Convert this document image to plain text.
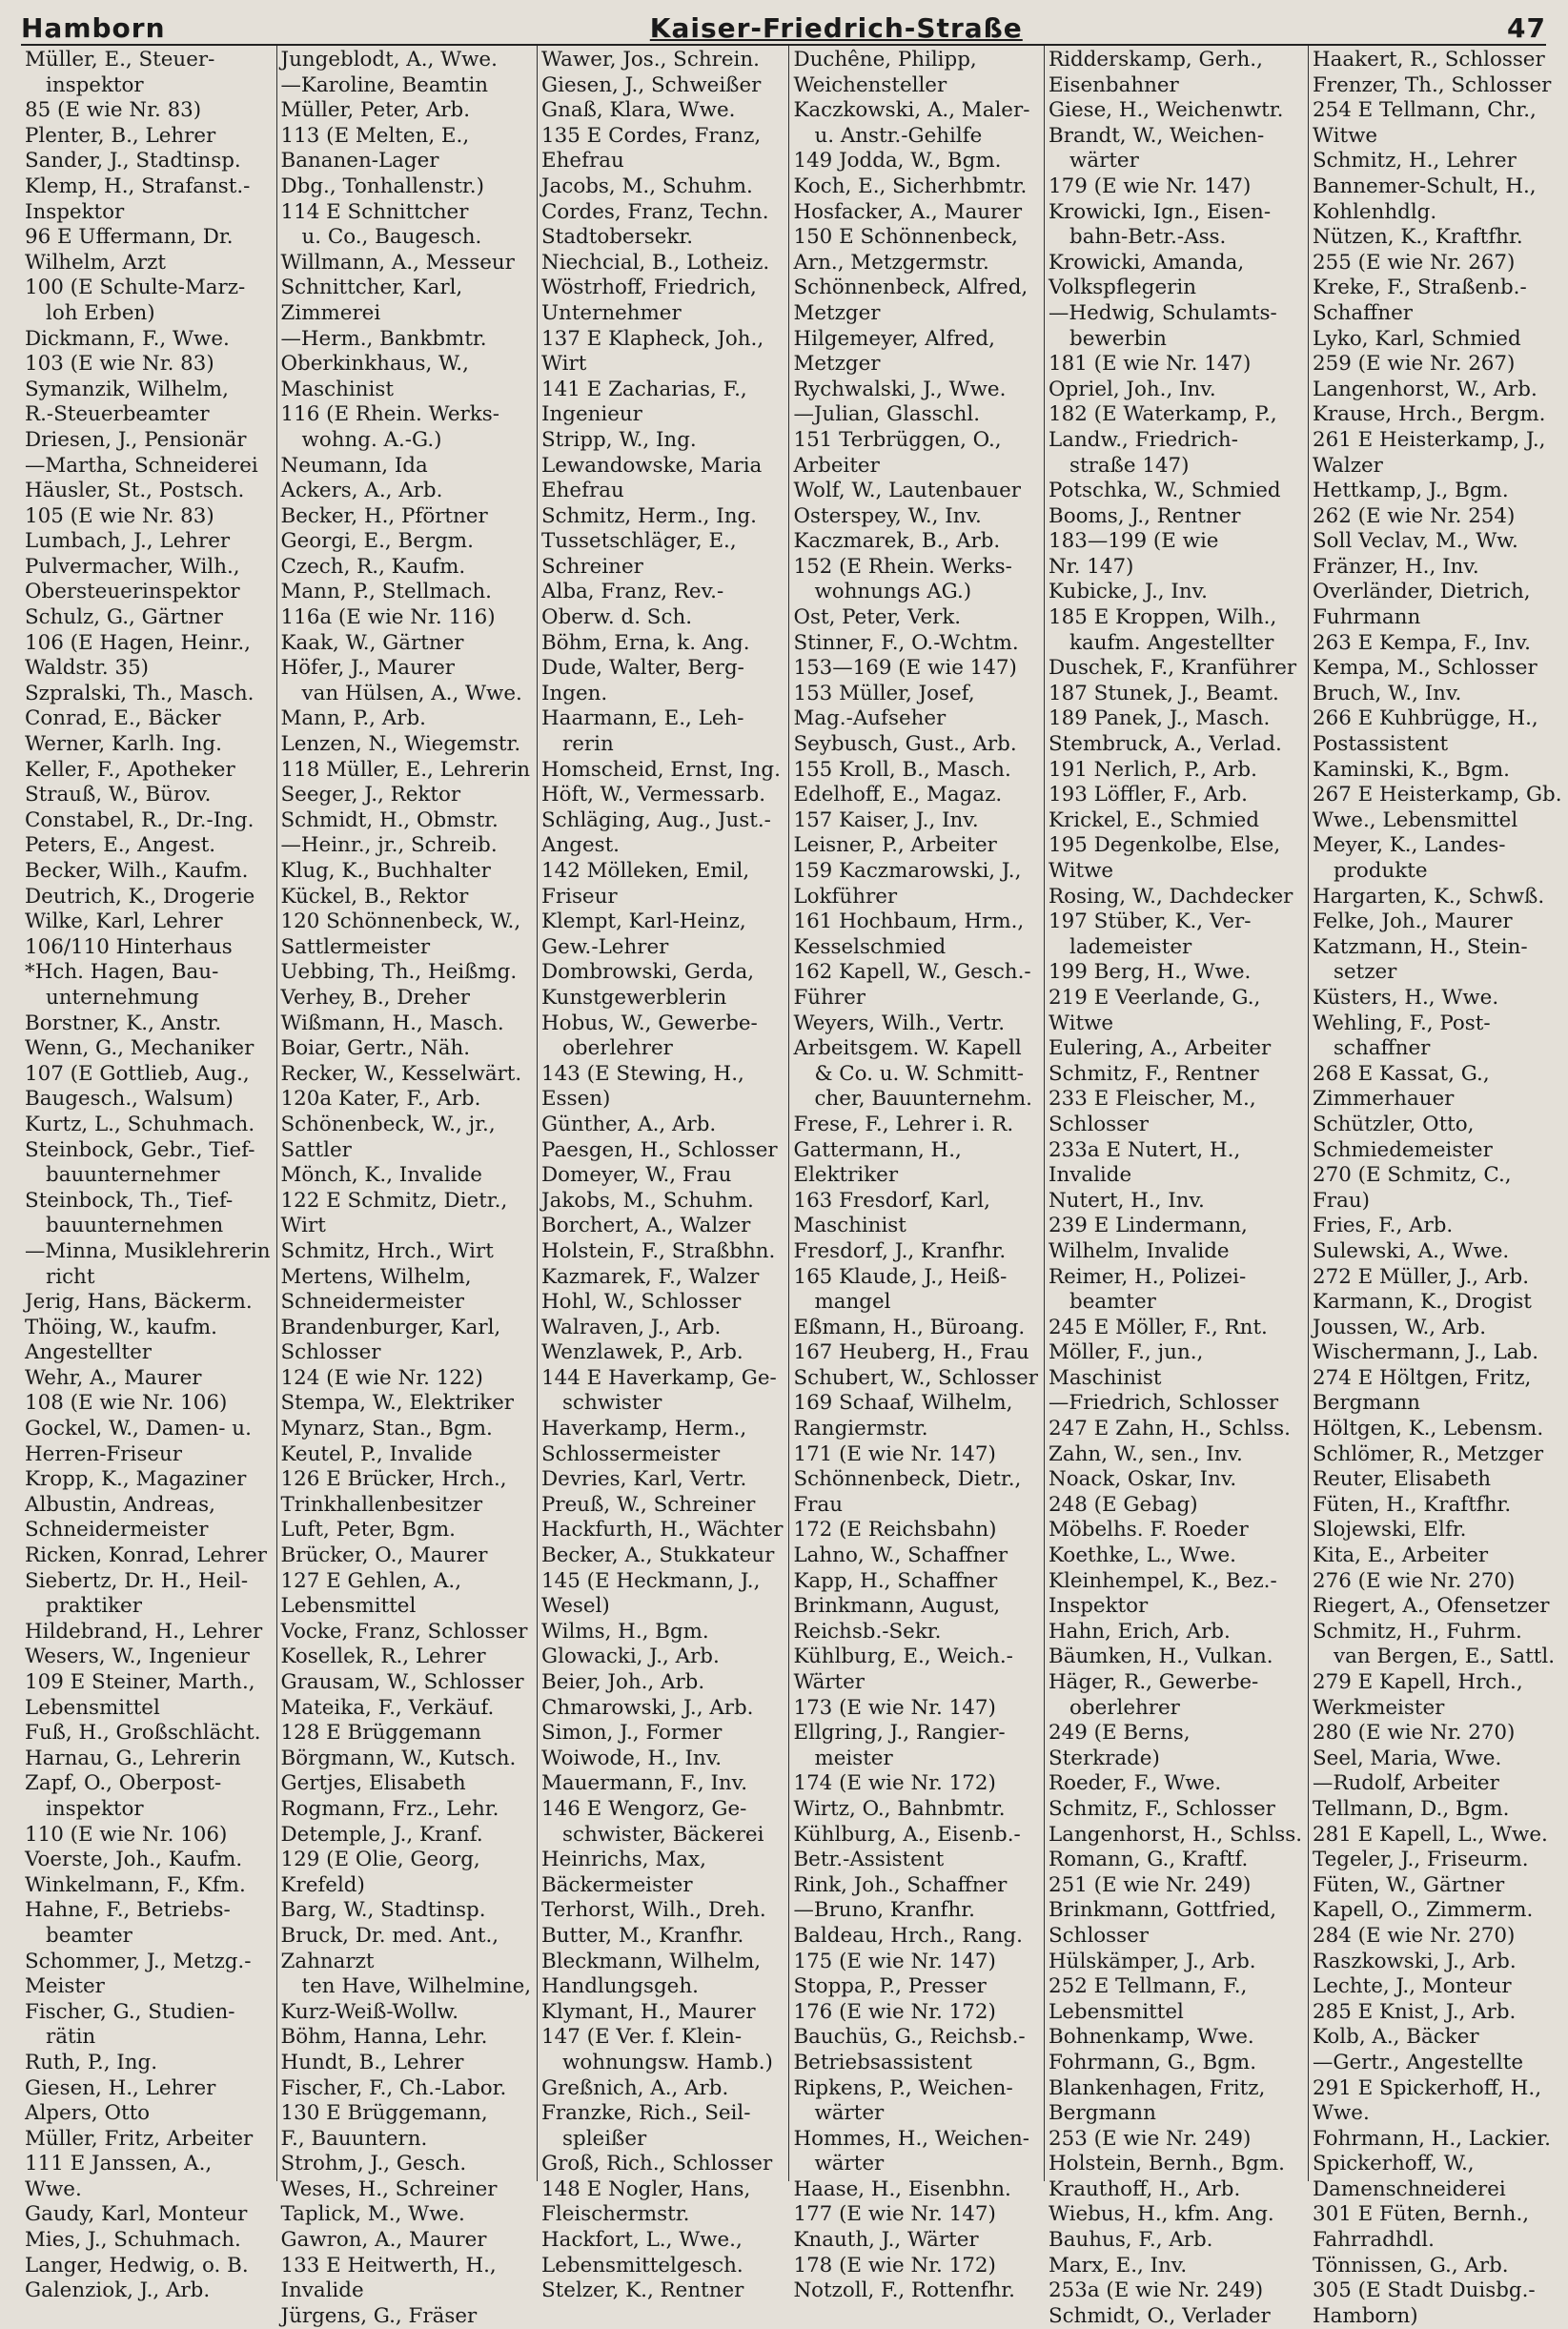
Hamborn	Kaiser-Friedrich-Straße	47
Müller, E., Steuer-
inspektor
85 (E wie Nr. 83)
Plenter, B., Lehrer
Sander, J., Stadtinsp.
Klemp, H., Strafanst.-
Inspektor
96 E Uffermann, Dr.
Wilhelm, Arzt
100 (E Schulte-Marz-
loh Erben)
Dickmann, F., Wwe.
103 (E wie Nr. 83)
Symanzik, Wilhelm,
R.-Steuerbeamter
Driesen, J., Pensionär
—Martha, Schneiderei
Häusler, St., Postsch.
105 (E wie Nr. 83)
Lumbach, J., Lehrer
Pulvermacher, Wilh.,
Obersteuerinspektor
Schulz, G., Gärtner
106 (E Hagen, Heinr.,
Waldstr. 35)
Szpralski, Th., Masch.
Conrad, E., Bäcker
Werner, Karlh. Ing.
Keller, F., Apotheker
Strauß, W., Bürov.
Constabel, R., Dr.-Ing.
Peters, E., Angest.
Becker, Wilh., Kaufm.
Deutrich, K., Drogerie
Wilke, Karl, Lehrer
106/110 Hinterhaus
*Hch. Hagen, Bau-
unternehmung
Borstner, K., Anstr.
Wenn, G., Mechaniker
107 (E Gottlieb, Aug.,
Baugesch., Walsum)
Kurtz, L., Schuhmach.
Steinbock, Gebr., Tief-
bauunternehmer
Steinbock, Th., Tief-
bauunternehmen
—Minna, Musiklehrerin
richt
Jerig, Hans, Bäckerm.
Thöing, W., kaufm.
Angestellter
Wehr, A., Maurer
108 (E wie Nr. 106)
Gockel, W., Damen- u.
Herren-Friseur
Kropp, K., Magaziner
Albustin, Andreas,
Schneidermeister
Ricken, Konrad, Lehrer
Siebertz, Dr. H., Heil-
praktiker
Hildebrand, H., Lehrer
Wesers, W., Ingenieur
109 E Steiner, Marth.,
Lebensmittel
Fuß, H., Großschlächt.
Harnau, G., Lehrerin
Zapf, O., Oberpost-
inspektor
110 (E wie Nr. 106)
Voerste, Joh., Kaufm.
Winkelmann, F., Kfm.
Hahne, F., Betriebs-
beamter
Schommer, J., Metzg.-
Meister
Fischer, G., Studien-
rätin
Ruth, P., Ing.
Giesen, H., Lehrer
Alpers, Otto
Müller, Fritz, Arbeiter
111 E Janssen, A.,
Wwe.
Gaudy, Karl, Monteur
Mies, J., Schuhmach.
Langer, Hedwig, o. B.
Galenziok, J., Arb.
Jungeblodt, A., Wwe.
—Karoline, Beamtin
Müller, Peter, Arb.
113 (E Melten, E.,
Bananen-Lager
Dbg., Tonhallenstr.)
114 E Schnittcher
u. Co., Baugesch.
Willmann, A., Messeur
Schnittcher, Karl,
Zimmerei
—Herm., Bankbmtr.
Oberkinkhaus, W.,
Maschinist
116 (E Rhein. Werks-
wohng. A.-G.)
Neumann, Ida
Ackers, A., Arb.
Becker, H., Pförtner
Georgi, E., Bergm.
Czech, R., Kaufm.
Mann, P., Stellmach.
116a (E wie Nr. 116)
Kaak, W., Gärtner
Höfer, J., Maurer
van Hülsen, A., Wwe.
Mann, P., Arb.
Lenzen, N., Wiegemstr.
118 Müller, E., Lehrerin
Seeger, J., Rektor
Schmidt, H., Obmstr.
—Heinr., jr., Schreib.
Klug, K., Buchhalter
Kückel, B., Rektor
120 Schönnenbeck, W.,
Sattlermeister
Uebbing, Th., Heißmg.
Verhey, B., Dreher
Wißmann, H., Masch.
Boiar, Gertr., Näh.
Recker, W., Kesselwärt.
120a Kater, F., Arb.
Schönenbeck, W., jr.,
Sattler
Mönch, K., Invalide
122 E Schmitz, Dietr.,
Wirt
Schmitz, Hrch., Wirt
Mertens, Wilhelm,
Schneidermeister
Brandenburger, Karl,
Schlosser
124 (E wie Nr. 122)
Stempa, W., Elektriker
Mynarz, Stan., Bgm.
Keutel, P., Invalide
126 E Brücker, Hrch.,
Trinkhallenbesitzer
Luft, Peter, Bgm.
Brücker, O., Maurer
127 E Gehlen, A.,
Lebensmittel
Vocke, Franz, Schlosser
Kosellek, R., Lehrer
Grausam, W., Schlosser
Mateika, F., Verkäuf.
128 E Brüggemann
Börgmann, W., Kutsch.
Gertjes, Elisabeth
Rogmann, Frz., Lehr.
Detemple, J., Kranf.
129 (E Olie, Georg,
Krefeld)
Barg, W., Stadtinsp.
Bruck, Dr. med. Ant.,
Zahnarzt
ten Have, Wilhelmine,
Kurz-Weiß-Wollw.
Böhm, Hanna, Lehr.
Hundt, B., Lehrer
Fischer, F., Ch.-Labor.
130 E Brüggemann,
F., Bauuntern.
Strohm, J., Gesch.
Weses, H., Schreiner
Taplick, M., Wwe.
Gawron, A., Maurer
133 E Heitwerth, H.,
Invalide
Jürgens, G., Fräser
Wawer, Jos., Schrein.
Giesen, J., Schweißer
Gnaß, Klara, Wwe.
135 E Cordes, Franz,
Ehefrau
Jacobs, M., Schuhm.
Cordes, Franz, Techn.
Stadtobersekr.
Niechcial, B., Lotheiz.
Wöstrhoff, Friedrich,
Unternehmer
137 E Klapheck, Joh.,
Wirt
141 E Zacharias, F.,
Ingenieur
Stripp, W., Ing.
Lewandowske, Maria
Ehefrau
Schmitz, Herm., Ing.
Tussetschläger, E.,
Schreiner
Alba, Franz, Rev.-
Oberw. d. Sch.
Böhm, Erna, k. Ang.
Dude, Walter, Berg-
Ingen.
Haarmann, E., Leh-
rerin
Homscheid, Ernst, Ing.
Höft, W., Vermessarb.
Schläging, Aug., Just.-
Angest.
142 Mölleken, Emil,
Friseur
Klempt, Karl-Heinz,
Gew.-Lehrer
Dombrowski, Gerda,
Kunstgewerblerin
Hobus, W., Gewerbe-
oberlehrer
143 (E Stewing, H.,
Essen)
Günther, A., Arb.
Paesgen, H., Schlosser
Domeyer, W., Frau
Jakobs, M., Schuhm.
Borchert, A., Walzer
Holstein, F., Straßbhn.
Kazmarek, F., Walzer
Hohl, W., Schlosser
Walraven, J., Arb.
Wenzlawek, P., Arb.
144 E Haverkamp, Ge-
schwister
Haverkamp, Herm.,
Schlossermeister
Devries, Karl, Vertr.
Preuß, W., Schreiner
Hackfurth, H., Wächter
Becker, A., Stukkateur
145 (E Heckmann, J.,
Wesel)
Wilms, H., Bgm.
Glowacki, J., Arb.
Beier, Joh., Arb.
Chmarowski, J., Arb.
Simon, J., Former
Woiwode, H., Inv.
Mauermann, F., Inv.
146 E Wengorz, Ge-
schwister, Bäckerei
Heinrichs, Max,
Bäckermeister
Terhorst, Wilh., Dreh.
Butter, M., Kranfhr.
Bleckmann, Wilhelm,
Handlungsgeh.
Klymant, H., Maurer
147 (E Ver. f. Klein-
wohnungsw. Hamb.)
Greßnich, A., Arb.
Franzke, Rich., Seil-
spleißer
Groß, Rich., Schlosser
148 E Nogler, Hans,
Fleischermstr.
Hackfort, L., Wwe.,
Lebensmittelgesch.
Stelzer, K., Rentner
Duchêne, Philipp,
Weichensteller
Kaczkowski, A., Maler-
u. Anstr.-Gehilfe
149 Jodda, W., Bgm.
Koch, E., Sicherhbmtr.
Hosfacker, A., Maurer
150 E Schönnenbeck,
Arn., Metzgermstr.
Schönnenbeck, Alfred,
Metzger
Hilgemeyer, Alfred,
Metzger
Rychwalski, J., Wwe.
—Julian, Glasschl.
151 Terbrüggen, O.,
Arbeiter
Wolf, W., Lautenbauer
Osterspey, W., Inv.
Kaczmarek, B., Arb.
152 (E Rhein. Werks-
wohnungs AG.)
Ost, Peter, Verk.
Stinner, F., O.-Wchtm.
153—169 (E wie 147)
153 Müller, Josef,
Mag.-Aufseher
Seybusch, Gust., Arb.
155 Kroll, B., Masch.
Edelhoff, E., Magaz.
157 Kaiser, J., Inv.
Leisner, P., Arbeiter
159 Kaczmarowski, J.,
Lokführer
161 Hochbaum, Hrm.,
Kesselschmied
162 Kapell, W., Gesch.-
Führer
Weyers, Wilh., Vertr.
Arbeitsgem. W. Kapell
& Co. u. W. Schmitt-
cher, Bauunternehm.
Frese, F., Lehrer i. R.
Gattermann, H.,
Elektriker
163 Fresdorf, Karl,
Maschinist
Fresdorf, J., Kranfhr.
165 Klaude, J., Heiß-
mangel
Eßmann, H., Büroang.
167 Heuberg, H., Frau
Schubert, W., Schlosser
169 Schaaf, Wilhelm,
Rangiermstr.
171 (E wie Nr. 147)
Schönnenbeck, Dietr.,
Frau
172 (E Reichsbahn)
Lahno, W., Schaffner
Kapp, H., Schaffner
Brinkmann, August,
Reichsb.-Sekr.
Kühlburg, E., Weich.-
Wärter
173 (E wie Nr. 147)
Ellgring, J., Rangier-
meister
174 (E wie Nr. 172)
Wirtz, O., Bahnbmtr.
Kühlburg, A., Eisenb.-
Betr.-Assistent
Rink, Joh., Schaffner
—Bruno, Kranfhr.
Baldeau, Hrch., Rang.
175 (E wie Nr. 147)
Stoppa, P., Presser
176 (E wie Nr. 172)
Bauchüs, G., Reichsb.-
Betriebsassistent
Ripkens, P., Weichen-
wärter
Hommes, H., Weichen-
wärter
Haase, H., Eisenbhn.
177 (E wie Nr. 147)
Knauth, J., Wärter
178 (E wie Nr. 172)
Notzoll, F., Rottenfhr.
Ridderskamp, Gerh.,
Eisenbahner
Giese, H., Weichenwtr.
Brandt, W., Weichen-
wärter
179 (E wie Nr. 147)
Krowicki, Ign., Eisen-
bahn-Betr.-Ass.
Krowicki, Amanda,
Volkspflegerin
—Hedwig, Schulamts-
bewerbin
181 (E wie Nr. 147)
Opriel, Joh., Inv.
182 (E Waterkamp, P.,
Landw., Friedrich-
straße 147)
Potschka, W., Schmied
Booms, J., Rentner
183—199 (E wie
Nr. 147)
Kubicke, J., Inv.
185 E Kroppen, Wilh.,
kaufm. Angestellter
Duschek, F., Kranführer
187 Stunek, J., Beamt.
189 Panek, J., Masch.
Stembruck, A., Verlad.
191 Nerlich, P., Arb.
193 Löffler, F., Arb.
Krickel, E., Schmied
195 Degenkolbe, Else,
Witwe
Rosing, W., Dachdecker
197 Stüber, K., Ver-
lademeister
199 Berg, H., Wwe.
219 E Veerlande, G.,
Witwe
Eulering, A., Arbeiter
Schmitz, F., Rentner
233 E Fleischer, M.,
Schlosser
233a E Nutert, H.,
Invalide
Nutert, H., Inv.
239 E Lindermann,
Wilhelm, Invalide
Reimer, H., Polizei-
beamter
245 E Möller, F., Rnt.
Möller, F., jun.,
Maschinist
—Friedrich, Schlosser
247 E Zahn, H., Schlss.
Zahn, W., sen., Inv.
Noack, Oskar, Inv.
248 (E Gebag)
Möbelhs. F. Roeder
Koethke, L., Wwe.
Kleinhempel, K., Bez.-
Inspektor
Hahn, Erich, Arb.
Bäumken, H., Vulkan.
Häger, R., Gewerbe-
oberlehrer
249 (E Berns,
Sterkrade)
Roeder, F., Wwe.
Schmitz, F., Schlosser
Langenhorst, H., Schlss.
Romann, G., Kraftf.
251 (E wie Nr. 249)
Brinkmann, Gottfried,
Schlosser
Hülskämper, J., Arb.
252 E Tellmann, F.,
Lebensmittel
Bohnenkamp, Wwe.
Fohrmann, G., Bgm.
Blankenhagen, Fritz,
Bergmann
253 (E wie Nr. 249)
Holstein, Bernh., Bgm.
Krauthoff, H., Arb.
Wiebus, H., kfm. Ang.
Bauhus, F., Arb.
Marx, E., Inv.
253a (E wie Nr. 249)
Schmidt, O., Verlader
Haakert, R., Schlosser
Frenzer, Th., Schlosser
254 E Tellmann, Chr.,
Witwe
Schmitz, H., Lehrer
Bannemer-Schult, H.,
Kohlenhdlg.
Nützen, K., Kraftfhr.
255 (E wie Nr. 267)
Kreke, F., Straßenb.-
Schaffner
Lyko, Karl, Schmied
259 (E wie Nr. 267)
Langenhorst, W., Arb.
Krause, Hrch., Bergm.
261 E Heisterkamp, J.,
Walzer
Hettkamp, J., Bgm.
262 (E wie Nr. 254)
Soll Veclav, M., Ww.
Fränzer, H., Inv.
Overländer, Dietrich,
Fuhrmann
263 E Kempa, F., Inv.
Kempa, M., Schlosser
Bruch, W., Inv.
266 E Kuhbrügge, H.,
Postassistent
Kaminski, K., Bgm.
267 E Heisterkamp, Gb.
Wwe., Lebensmittel
Meyer, K., Landes-
produkte
Hargarten, K., Schwß.
Felke, Joh., Maurer
Katzmann, H., Stein-
setzer
Küsters, H., Wwe.
Wehling, F., Post-
schaffner
268 E Kassat, G.,
Zimmerhauer
Schützler, Otto,
Schmiedemeister
270 (E Schmitz, C.,
Frau)
Fries, F., Arb.
Sulewski, A., Wwe.
272 E Müller, J., Arb.
Karmann, K., Drogist
Joussen, W., Arb.
Wischermann, J., Lab.
274 E Höltgen, Fritz,
Bergmann
Höltgen, K., Lebensm.
Schlömer, R., Metzger
Reuter, Elisabeth
Füten, H., Kraftfhr.
Slojewski, Elfr.
Kita, E., Arbeiter
276 (E wie Nr. 270)
Riegert, A., Ofensetzer
Schmitz, H., Fuhrm.
van Bergen, E., Sattl.
279 E Kapell, Hrch.,
Werkmeister
280 (E wie Nr. 270)
Seel, Maria, Wwe.
—Rudolf, Arbeiter
Tellmann, D., Bgm.
281 E Kapell, L., Wwe.
Tegeler, J., Friseurm.
Füten, W., Gärtner
Kapell, O., Zimmerm.
284 (E wie Nr. 270)
Raszkowski, J., Arb.
Lechte, J., Monteur
285 E Knist, J., Arb.
Kolb, A., Bäcker
—Gertr., Angestellte
291 E Spickerhoff, H.,
Wwe.
Fohrmann, H., Lackier.
Spickerhoff, W.,
Damenschneiderei
301 E Füten, Bernh.,
Fahrradhdl.
Tönnissen, G., Arb.
305 (E Stadt Duisbg.-
Hamborn)
